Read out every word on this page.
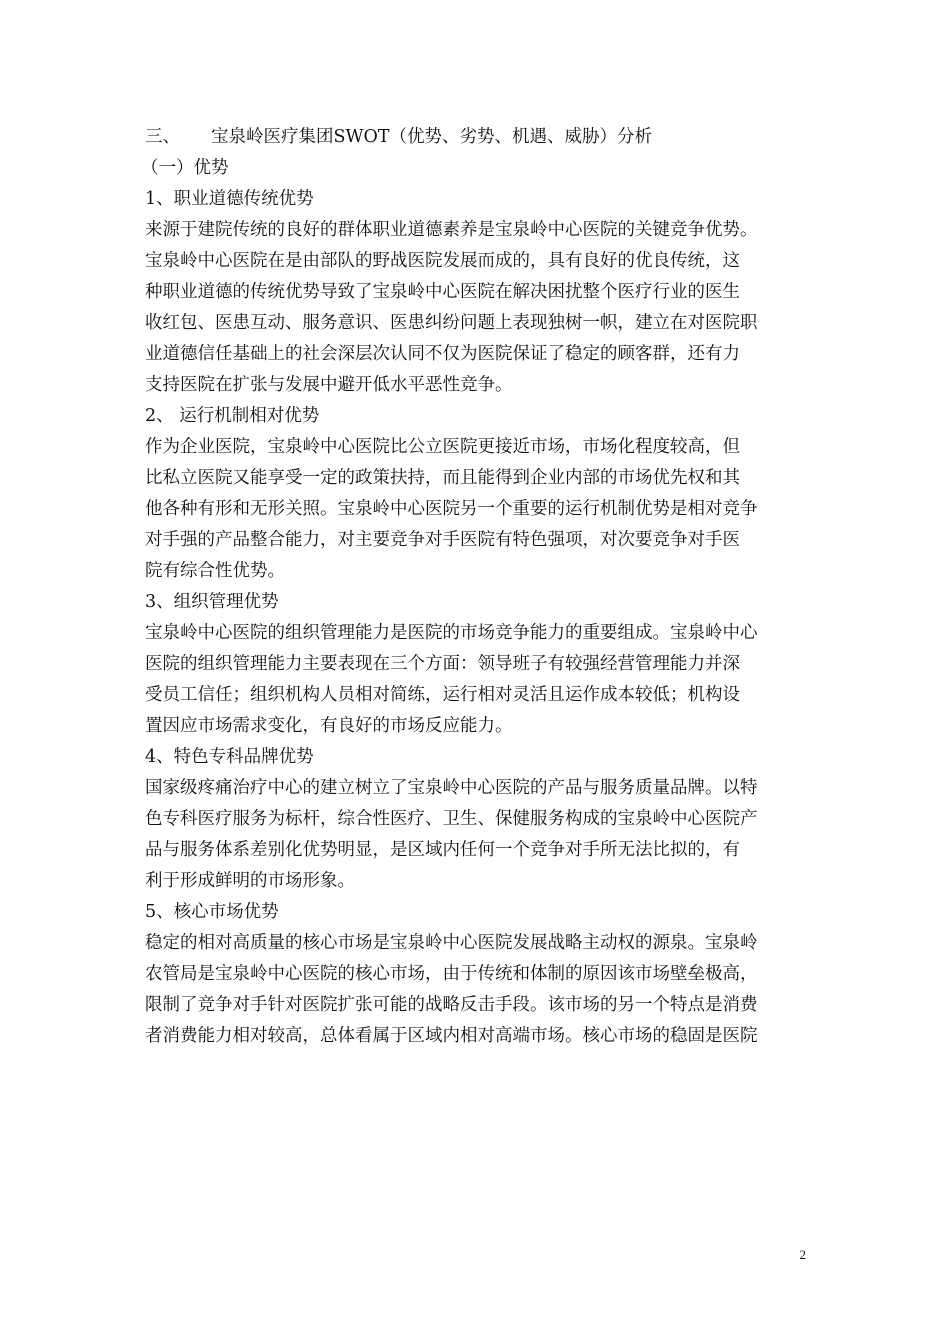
三、 宝泉岭医疗集团SWOT（优势、劣势、机遇、威胁）分析
（一）优势
1、职业道德传统优势
来源于建院传统的良好的群体职业道德素养是宝泉岭中心医院的关键竞争优势。
宝泉岭中心医院在是由部队的野战医院发展而成的，具有良好的优良传统，这
种职业道德的传统优势导致了宝泉岭中心医院在解决困扰整个医疗行业的医生
收红包、医患互动、服务意识、医患纠纷问题上表现独树一帜，建立在对医院职
业道德信任基础上的社会深层次认同不仅为医院保证了稳定的顾客群，还有力
支持医院在扩张与发展中避开低水平恶性竞争。
2、 运行机制相对优势
作为企业医院，宝泉岭中心医院比公立医院更接近市场，市场化程度较高，但
比私立医院又能享受一定的政策扶持，而且能得到企业内部的市场优先权和其
他各种有形和无形关照。宝泉岭中心医院另一个重要的运行机制优势是相对竞争
对手强的产品整合能力，对主要竞争对手医院有特色强项，对次要竞争对手医
院有综合性优势。
3、组织管理优势
宝泉岭中心医院的组织管理能力是医院的市场竞争能力的重要组成。宝泉岭中心
医院的组织管理能力主要表现在三个方面：领导班子有较强经营管理能力并深
受员工信任；组织机构人员相对简练，运行相对灵活且运作成本较低；机构设
置因应市场需求变化，有良好的市场反应能力。
4、特色专科品牌优势
国家级疼痛治疗中心的建立树立了宝泉岭中心医院的产品与服务质量品牌。以特
色专科医疗服务为标杆，综合性医疗、卫生、保健服务构成的宝泉岭中心医院产
品与服务体系差别化优势明显，是区域内任何一个竞争对手所无法比拟的，有
利于形成鲜明的市场形象。
5、核心市场优势
稳定的相对高质量的核心市场是宝泉岭中心医院发展战略主动权的源泉。宝泉岭
农管局是宝泉岭中心医院的核心市场，由于传统和体制的原因该市场壁垒极高，
限制了竞争对手针对医院扩张可能的战略反击手段。该市场的另一个特点是消费
者消费能力相对较高，总体看属于区域内相对高端市场。核心市场的稳固是医院
2
